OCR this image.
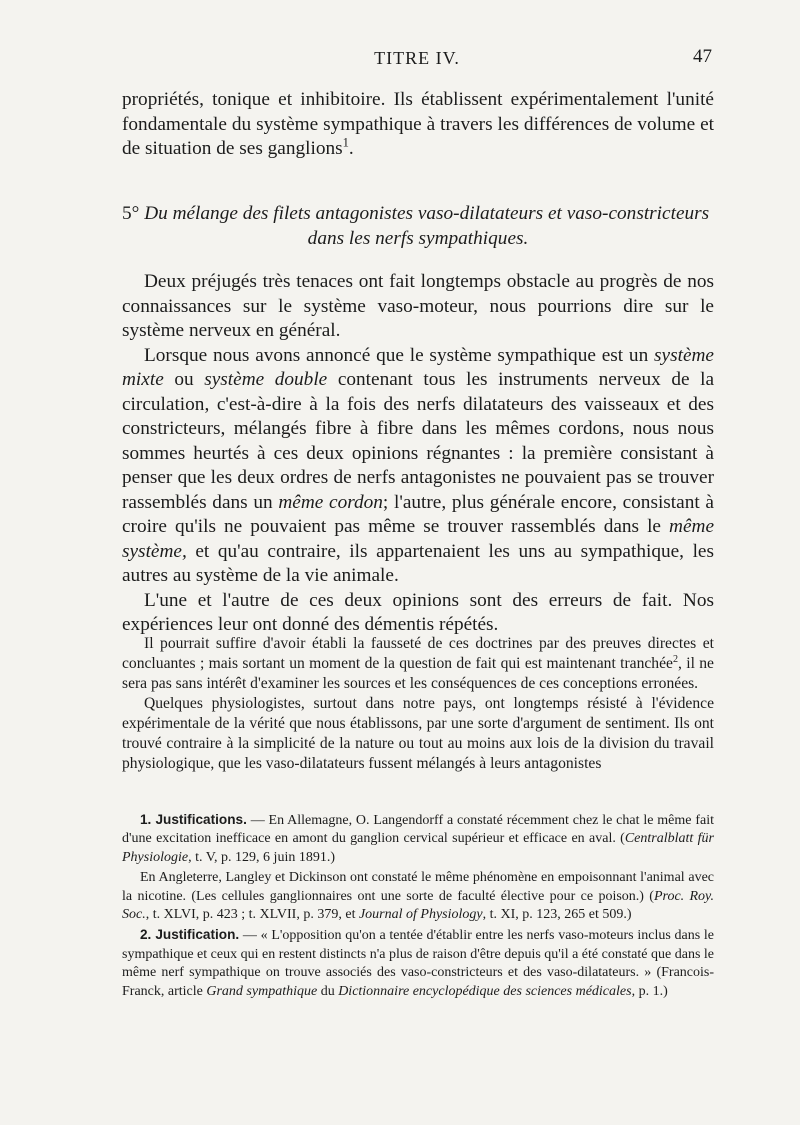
TITRE IV.	47

propriétés, tonique et inhibitoire. Ils établissent expérimentalement l'unité fondamentale du système sympathique à travers les différences de volume et de situation de ses ganglions$^1$.

5° Du mélange des filets antagonistes vaso-dilatateurs et vaso-constricteurs
dans les nerfs sympathiques.

Deux préjugés très tenaces ont fait longtemps obstacle au progrès de nos connaissances sur le système vaso-moteur, nous pourrions dire sur le système nerveux en général.

Lorsque nous avons annoncé que le système sympathique est un système mixte ou système double contenant tous les instruments nerveux de la circulation, c'est-à-dire à la fois des nerfs dilatateurs des vaisseaux et des constricteurs, mélangés fibre à fibre dans les mêmes cordons, nous nous sommes heurtés à ces deux opinions régnantes : la première consistant à penser que les deux ordres de nerfs antagonistes ne pouvaient pas se trouver rassemblés dans un même cordon; l'autre, plus générale encore, consistant à croire qu'ils ne pouvaient pas même se trouver rassemblés dans le même système, et qu'au contraire, ils appartenaient les uns au sympathique, les autres au système de la vie animale.

L'une et l'autre de ces deux opinions sont des erreurs de fait. Nos expériences leur ont donné des démentis répétés.

Il pourrait suffire d'avoir établi la fausseté de ces doctrines par des preuves directes et concluantes ; mais sortant un moment de la question de fait qui est maintenant tranchée$^2$, il ne sera pas sans intérêt d'examiner les sources et les conséquences de ces conceptions erronées.

Quelques physiologistes, surtout dans notre pays, ont longtemps résisté à l'évidence expérimentale de la vérité que nous établissons, par une sorte d'argument de sentiment. Ils ont trouvé contraire à la simplicité de la nature ou tout au moins aux lois de la division du travail physiologique, que les vaso-dilatateurs fussent mélangés à leurs antagonistes

1. Justifications. — En Allemagne, O. Langendorff a constaté récemment chez le chat le même fait d'une excitation inefficace en amont du ganglion cervical supérieur et efficace en aval. (Centralblatt für Physiologie, t. V, p. 129, 6 juin 1891.)

En Angleterre, Langley et Dickinson ont constaté le même phénomène en empoisonnant l'animal avec la nicotine. (Les cellules ganglionnaires ont une sorte de faculté élective pour ce poison.) (Proc. Roy. Soc., t. XLVI, p. 423 ; t. XLVII, p. 379, et Journal of Physiology, t. XI, p. 123, 265 et 509.)

2. Justification. — « L'opposition qu'on a tentée d'établir entre les nerfs vaso-moteurs inclus dans le sympathique et ceux qui en restent distincts n'a plus de raison d'être depuis qu'il a été constaté que dans le même nerf sympathique on trouve associés des vaso-constricteurs et des vaso-dilatateurs. » (Francois-Franck, article Grand sympathique du Dictionnaire encyclopédique des sciences médicales, p. 1.)
